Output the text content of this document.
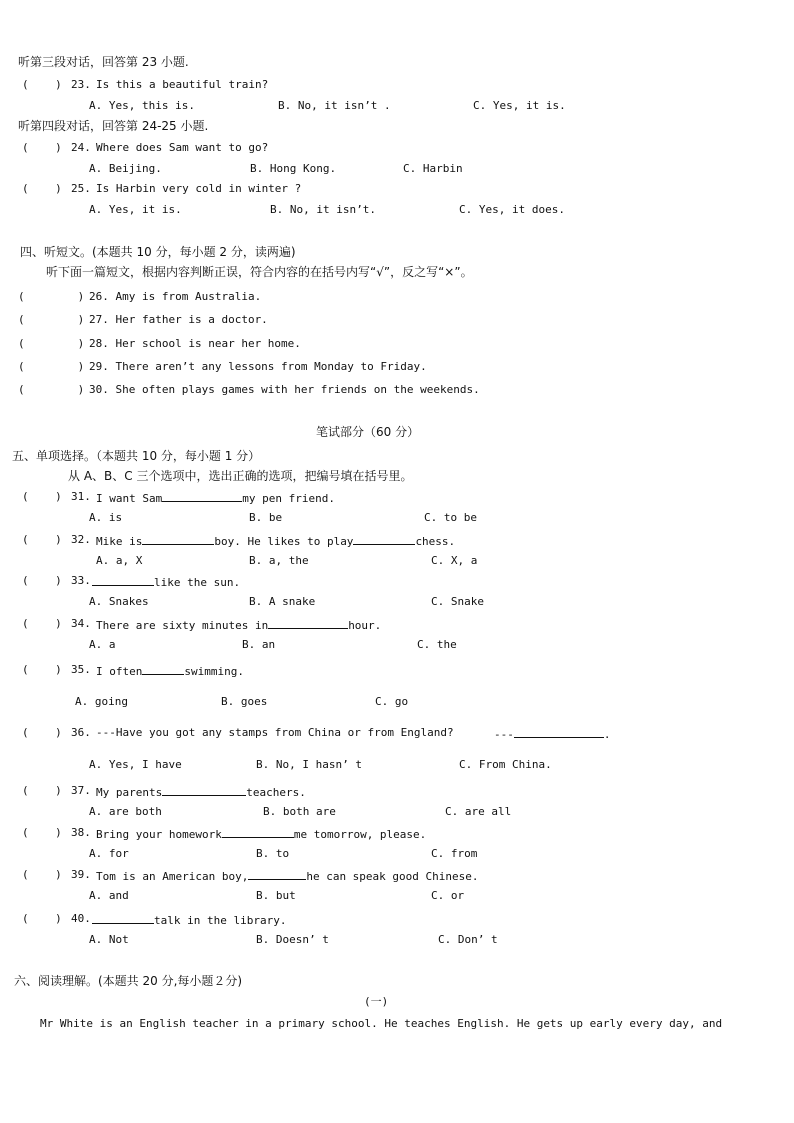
听第三段对话，回答第 23 小题.
(    ) 23. Is this a beautiful train?
A. Yes, this is.	B. No, it isn’t .	C. Yes, it is.
听第四段对话，回答第 24-25 小题.
(    ) 24. Where does Sam want to go?
A. Beijing.	B. Hong Kong.	C. Harbin
(    ) 25. Is Harbin very cold in winter ?
A. Yes, it is.	B. No, it isn’t.	C. Yes, it does.
四、听短文。(本题共 10 分，每小题 2 分，读两遍)
听下面一篇短文，根据内容判断正误，符合内容的在括号内写“√”，反之写“×”。
(        ) 26. Amy is from Australia.
(        ) 27. Her father is a doctor.
(        ) 28. Her school is near her home.
(        ) 29. There aren’t any lessons from Monday to Friday.
(        ) 30. She often plays games with her friends on the weekends.
笔试部分（60 分）
五、单项选择。（本题共 10 分，每小题 1 分）
从 A、B、C 三个选项中，选出正确的选项，把编号填在括号里。
(    ) 31. I want Sam	my pen friend.
A. is	B. be	C. to be
(    ) 32. Mike is	boy. He likes to play	chess.
A. a, X	B. a, the	C. X, a
(    ) 33.	like the sun.
A. Snakes	B. A snake	C. Snake
(    ) 34. There are sixty minutes in	hour.
A. a	B. an	C. the
(    ) 35. I often	swimming.
A. going	B. goes	C. go
(    ) 36. ---Have you got any stamps from China or from England?	---	.
A. Yes, I have	B. No, I hasn’ t	C. From China.
(    ) 37. My parents	teachers.
A. are both	B. both are	C. are all
(    ) 38. Bring your homework	me tomorrow, please.
A. for	B. to	C. from
(    ) 39. Tom is an American boy,	he can speak good Chinese.
A. and	B. but	C. or
(    ) 40.	talk in the library.
A. Not	B. Doesn’ t	C. Don’ t
六、阅读理解。(本题共 20 分,每小题２分)
(一)
Mr White is an English teacher in a primary school. He teaches English. He gets up early every day, and
